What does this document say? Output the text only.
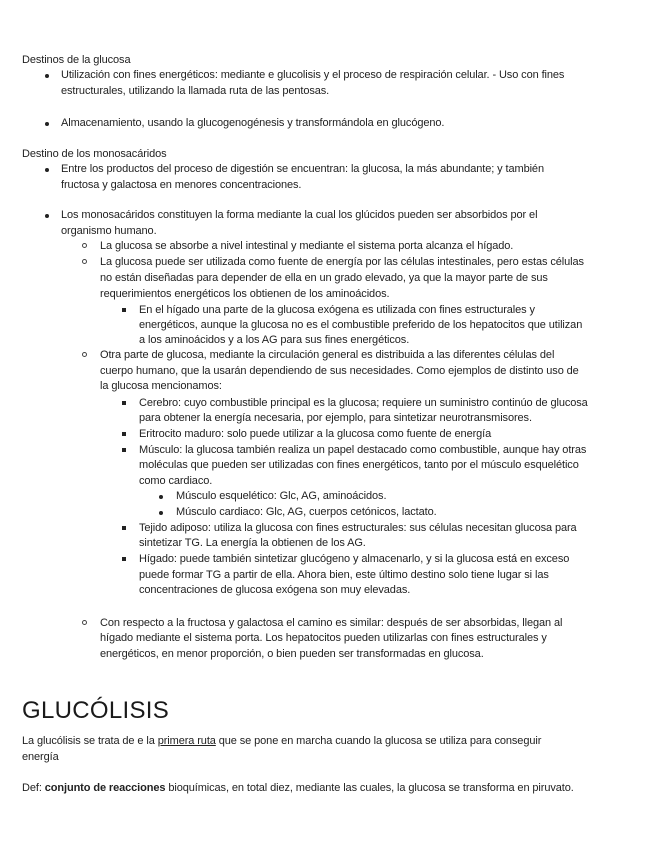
Destinos de la glucosa
Utilización con fines energéticos: mediante e glucolisis y el proceso de respiración celular. - Uso con fines
estructurales, utilizando la llamada ruta de las pentosas.
Almacenamiento, usando la glucogenogénesis y transformándola en glucógeno.
Destino de los monosacáridos
Entre los productos del proceso de digestión se encuentran: la glucosa, la más abundante; y también
fructosa y galactosa en menores concentraciones.
Los monosacáridos constituyen la forma mediante la cual los glúcidos pueden ser absorbidos por el
organismo humano.
La glucosa se absorbe a nivel intestinal y mediante el sistema porta alcanza el hígado.
La glucosa puede ser utilizada como fuente de energía por las células intestinales, pero estas células
no están diseñadas para depender de ella en un grado elevado, ya que la mayor parte de sus
requerimientos energéticos los obtienen de los aminoácidos.
En el hígado una parte de la glucosa exógena es utilizada con fines estructurales y
energéticos, aunque la glucosa no es el combustible preferido de los hepatocitos que utilizan
a los aminoácidos y a los AG para sus fines energéticos.
Otra parte de glucosa, mediante la circulación general es distribuida a las diferentes células del
cuerpo humano, que la usarán dependiendo de sus necesidades. Como ejemplos de distinto uso de
la glucosa mencionamos:
Cerebro: cuyo combustible principal es la glucosa; requiere un suministro continúo de glucosa
para obtener la energía necesaria, por ejemplo, para sintetizar neurotransmisores.
Eritrocito maduro: solo puede utilizar a la glucosa como fuente de energía
Músculo: la glucosa también realiza un papel destacado como combustible, aunque hay otras
moléculas que pueden ser utilizadas con fines energéticos, tanto por el músculo esquelético
como cardiaco.
Músculo esquelético: Glc, AG, aminoácidos.
Músculo cardiaco: Glc, AG, cuerpos cetónicos, lactato.
Tejido adiposo: utiliza la glucosa con fines estructurales: sus células necesitan glucosa para
sintetizar TG. La energía la obtienen de los AG.
Hígado: puede también sintetizar glucógeno y almacenarlo, y si la glucosa está en exceso
puede formar TG a partir de ella. Ahora bien, este último destino solo tiene lugar si las
concentraciones de glucosa exógena son muy elevadas.
Con respecto a la fructosa y galactosa el camino es similar: después de ser absorbidas, llegan al
hígado mediante el sistema porta. Los hepatocitos pueden utilizarlas con fines estructurales y
energéticos, en menor proporción, o bien pueden ser transformadas en glucosa.
GLUCÓLISIS
La glucólisis se trata de e la primera ruta que se pone en marcha cuando la glucosa se utiliza para conseguir
energía
Def: conjunto de reacciones bioquímicas, en total diez, mediante las cuales, la glucosa se transforma en piruvato.
